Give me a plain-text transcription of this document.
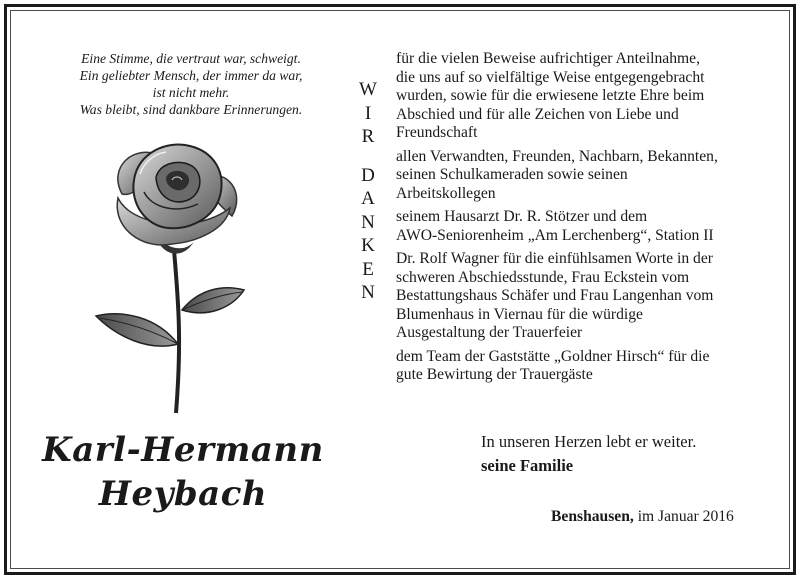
Eine Stimme, die vertraut war, schweigt.
Ein geliebter Mensch, der immer da war,
ist nicht mehr.
Was bleibt, sind dankbare Erinnerungen.
Karl-Hermann
Heybach
W
I
R
D
A
N
K
E
N
für die vielen Beweise aufrichtiger Anteilnahme,
die uns auf so vielfältige Weise entgegengebracht
wurden, sowie für die erwiesene letzte Ehre beim
Abschied und für alle Zeichen von Liebe und
Freundschaft
allen Verwandten, Freunden, Nachbarn, Bekannten,
seinen Schulkameraden sowie seinen
Arbeitskollegen
seinem Hausarzt Dr. R. Stötzer und dem
AWO-Seniorenheim „Am Lerchenberg“, Station II
Dr. Rolf Wagner für die einfühlsamen Worte in der
schweren Abschiedsstunde, Frau Eckstein vom
Bestattungshaus Schäfer und Frau Langenhan vom
Blumenhaus in Viernau für die würdige
Ausgestaltung der Trauerfeier
dem Team der Gaststätte „Goldner Hirsch“ für die
gute Bewirtung der Trauergäste
In unseren Herzen lebt er weiter.
seine Familie
Benshausen, im Januar 2016
